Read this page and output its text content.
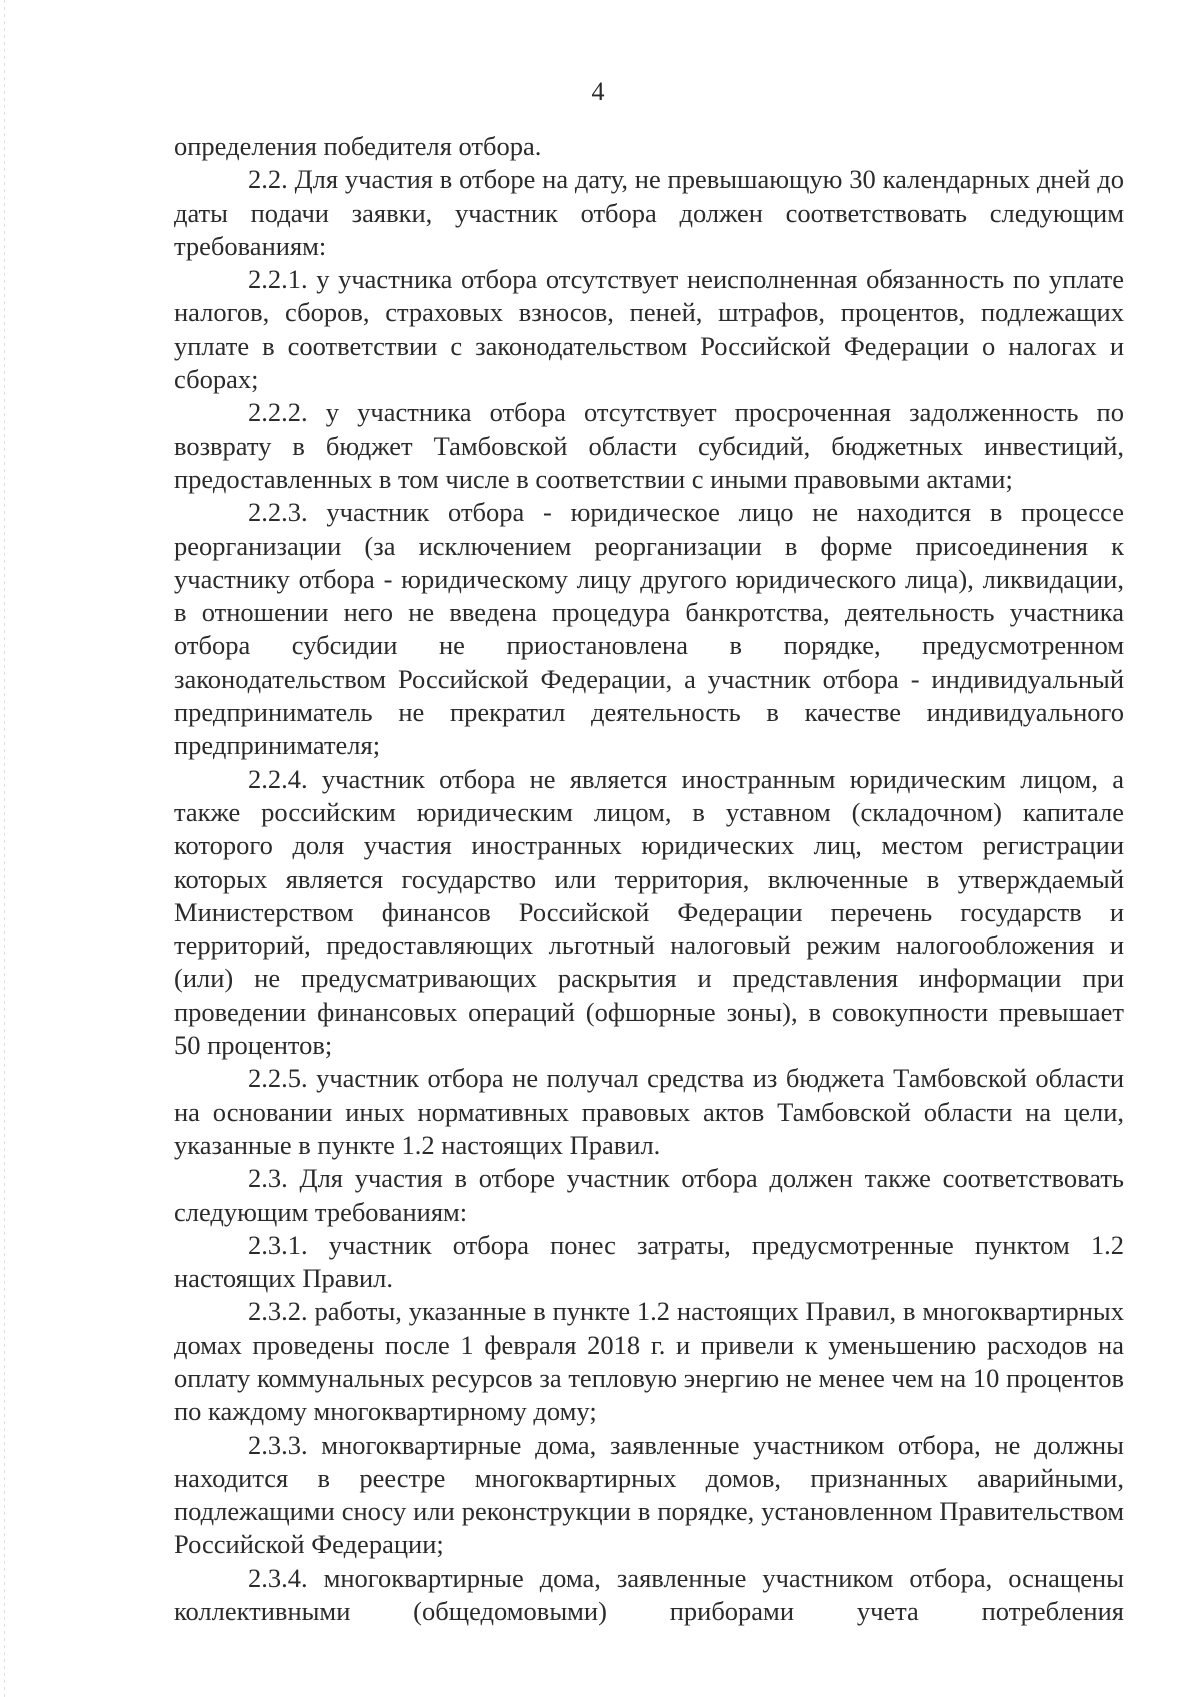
4

определения победителя отбора.

2.2. Для участия в отборе на дату, не превышающую 30 календарных дней до даты подачи заявки, участник отбора должен соответствовать следующим требованиям:

2.2.1. у участника отбора отсутствует неисполненная обязанность по уплате налогов, сборов, страховых взносов, пеней, штрафов, процентов, подлежащих уплате в соответствии с законодательством Российской Федерации о налогах и сборах;

2.2.2. у участника отбора отсутствует просроченная задолженность по возврату в бюджет Тамбовской области субсидий, бюджетных инвестиций, предоставленных в том числе в соответствии с иными правовыми актами;

2.2.3. участник отбора - юридическое лицо не находится в процессе реорганизации (за исключением реорганизации в форме присоединения к участнику отбора - юридическому лицу другого юридического лица), ликвидации, в отношении него не введена процедура банкротства, деятельность участника отбора субсидии не приостановлена в порядке, предусмотренном законодательством Российской Федерации, а участник отбора - индивидуальный предприниматель не прекратил деятельность в качестве индивидуального предпринимателя;

2.2.4. участник отбора не является иностранным юридическим лицом, а также российским юридическим лицом, в уставном (складочном) капитале которого доля участия иностранных юридических лиц, местом регистрации которых является государство или территория, включенные в утверждаемый Министерством финансов Российской Федерации перечень государств и территорий, предоставляющих льготный налоговый режим налогообложения и (или) не предусматривающих раскрытия и представления информации при проведении финансовых операций (офшорные зоны), в совокупности превышает 50 процентов;

2.2.5. участник отбора не получал средства из бюджета Тамбовской области на основании иных нормативных правовых актов Тамбовской области на цели, указанные в пункте 1.2 настоящих Правил.

2.3. Для участия в отборе участник отбора должен также соответствовать следующим требованиям:

2.3.1. участник отбора понес затраты, предусмотренные пунктом 1.2 настоящих Правил.

2.3.2. работы, указанные в пункте 1.2 настоящих Правил, в многоквартирных домах проведены после 1 февраля 2018 г. и привели к уменьшению расходов на оплату коммунальных ресурсов за тепловую энергию не менее чем на 10 процентов по каждому многоквартирному дому;

2.3.3. многоквартирные дома, заявленные участником отбора, не должны находится в реестре многоквартирных домов, признанных аварийными, подлежащими сносу или реконструкции в порядке, установленном Правительством Российской Федерации;

2.3.4. многоквартирные дома, заявленные участником отбора, оснащены коллективными (общедомовыми) приборами учета потребления
